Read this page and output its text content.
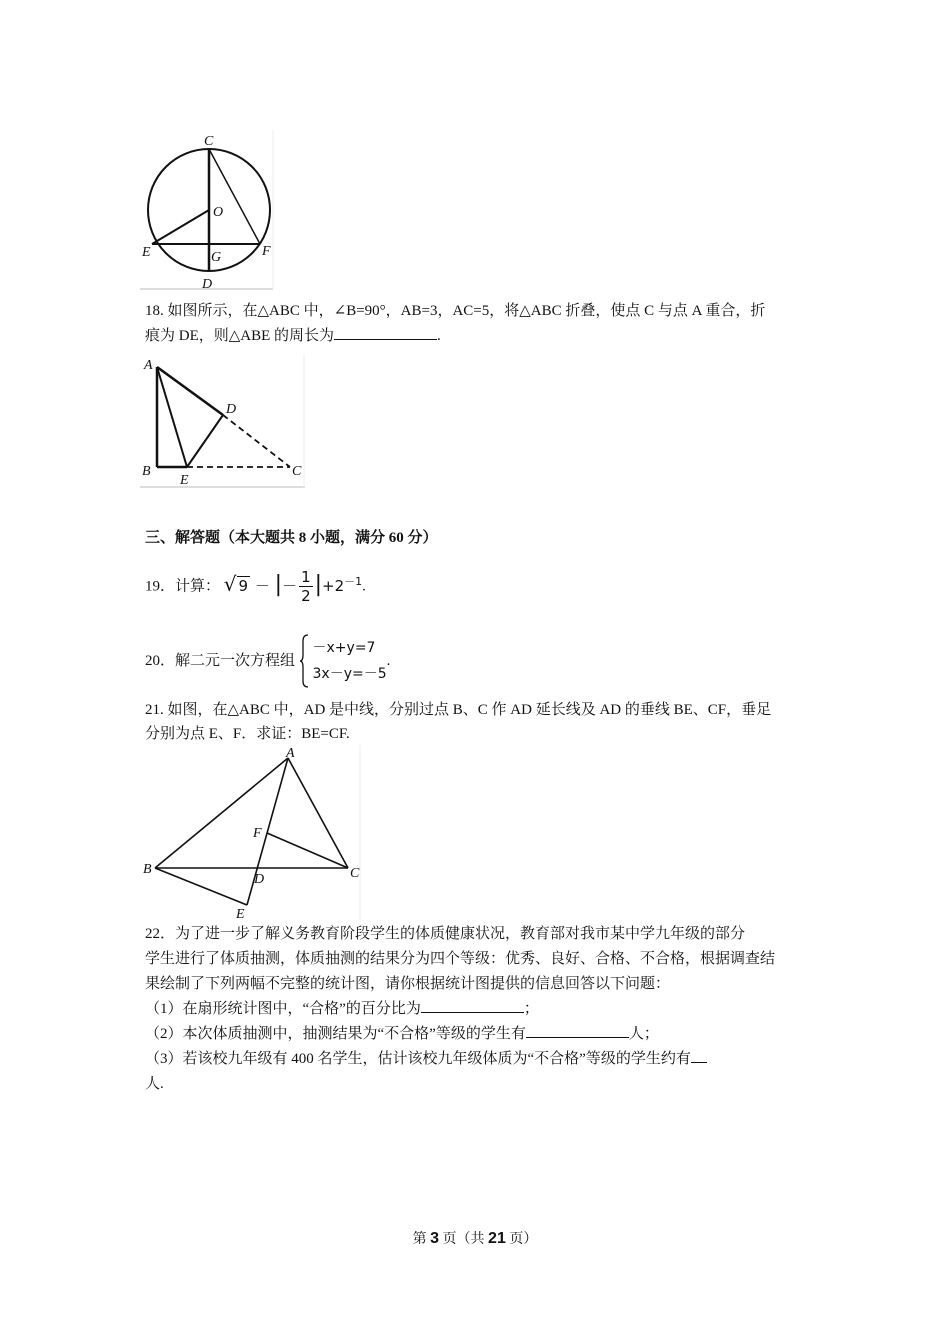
C
O
E	G	F
D
18. 如图所示，在△ABC 中，∠B=90°，AB=3，AC=5，将△ABC 折叠，使点 C 与点 A 重合，折
痕为 DE，则△ABE 的周长为	.
A
D
B
E
C
三、解答题（本大题共 8 小题，满分 60 分）
19．计算： √ 9 － |－ $\frac{1}{2} |+2^{-1}$.
20．解二元一次方程组
－x+y=7
3x－y=－5
.
21. 如图，在△ABC 中，AD 是中线，分别过点 B、C 作 AD 延长线及 AD 的垂线 BE、CF，垂足
分别为点 E、F．求证：BE=CF.
A
F
B
D	C
E
22．为了进一步了解义务教育阶段学生的体质健康状况，教育部对我市某中学九年级的部分
学生进行了体质抽测，体质抽测的结果分为四个等级：优秀、良好、合格、不合格，根据调查结
果绘制了下列两幅不完整的统计图，请你根据统计图提供的信息回答以下问题：
（1）在扇形统计图中，“合格”的百分比为	；
（2）本次体质抽测中，抽测结果为“不合格”等级的学生有	人；
（3）若该校九年级有 400 名学生，估计该校九年级体质为“不合格”等级的学生约有
人.
第 3 页（共 21 页）
